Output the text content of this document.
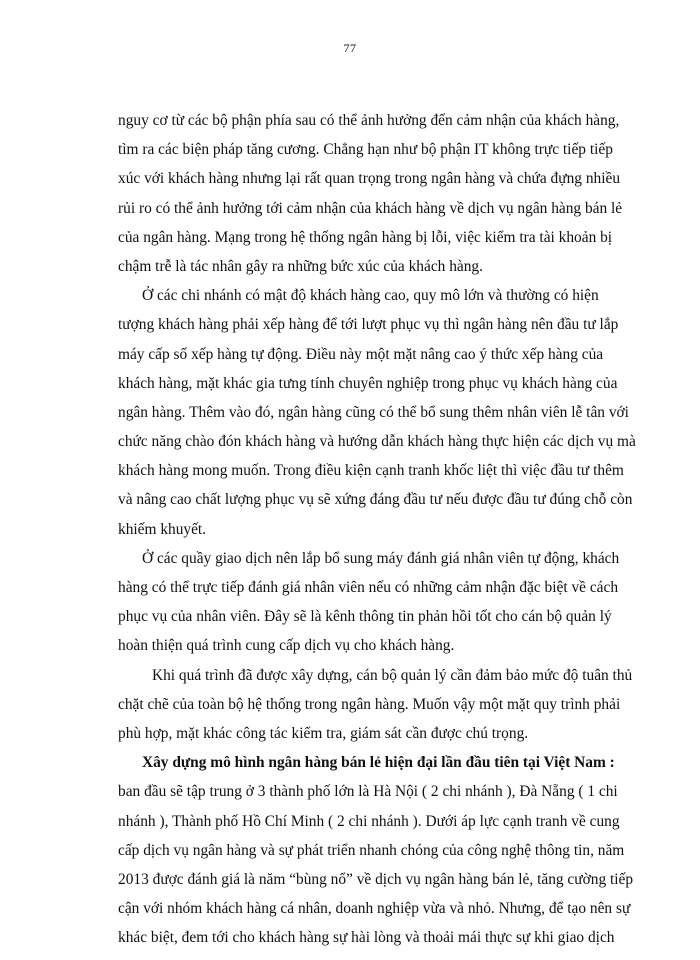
77
nguy cơ từ các bộ phận phía sau có thể ảnh hưởng đến cảm nhận của khách hàng,
tìm ra các biện pháp tăng cương. Chẳng hạn như bộ phận IT không trực tiếp tiếp
xúc với khách hàng nhưng lại rất quan trọng trong ngân hàng và chứa đựng nhiều
rủi ro có thể ảnh hưởng tới cảm nhận của khách hàng về dịch vụ ngân hàng bán lẻ
của ngân hàng. Mạng trong hệ thống ngân hàng bị lỗi, việc kiểm tra tài khoản bị
chậm trễ là tác nhân gây ra những bức xúc của khách hàng.
Ở các chi nhánh có mật độ khách hàng cao, quy mô lớn và thường có hiện
tượng khách hàng phải xếp hàng để tới lượt phục vụ thì ngân hàng nên đầu tư lắp
máy cấp số xếp hàng tự động. Điều này một mặt nâng cao ý thức xếp hàng của
khách hàng, mặt khác gia tưng tính chuyên nghiệp trong phục vụ khách hàng của
ngân hàng. Thêm vào đó, ngân hàng cũng có thể bổ sung thêm nhân viên lễ tân với
chức năng chào đón khách hàng và hướng dẫn khách hàng thực hiện các dịch vụ mà
khách hàng mong muốn. Trong điều kiện cạnh tranh khốc liệt thì việc đầu tư thêm
và nâng cao chất lượng phục vụ sẽ xứng đáng đầu tư nếu được đầu tư đúng chỗ còn
khiếm khuyết.
Ở các quầy giao dịch nên lắp bổ sung máy đánh giá nhân viên tự động, khách
hàng có thể trực tiếp đánh giá nhân viên nếu có những cảm nhận đặc biệt về cách
phục vụ của nhân viên. Đây sẽ là kênh thông tin phản hồi tốt cho cán bộ quản lý
hoàn thiện quá trình cung cấp dịch vụ cho khách hàng.
Khi quá trình đã được xây dựng, cán bộ quản lý cần đảm bảo mức độ tuân thủ
chặt chẽ của toàn bộ hệ thống trong ngân hàng. Muốn vậy một mặt quy trình phải
phù hợp, mặt khác công tác kiểm tra, giám sát cần được chú trọng.
Xây dựng mô hình ngân hàng bán lẻ hiện đại lần đầu tiên tại Việt Nam :
ban đầu sẽ tập trung ở 3 thành phố lớn là Hà Nội ( 2 chi nhánh ), Đà Nẵng ( 1 chi
nhánh ), Thành phố Hồ Chí Minh ( 2 chi nhánh ). Dưới áp lực cạnh tranh về cung
cấp dịch vụ ngân hàng và sự phát triển nhanh chóng của công nghệ thông tin, năm
2013 được đánh giá là năm “bùng nổ” về dịch vụ ngân hàng bán lẻ, tăng cường tiếp
cận với nhóm khách hàng cá nhân, doanh nghiệp vừa và nhỏ. Nhưng, để tạo nên sự
khác biệt, đem tới cho khách hàng sự hài lòng và thoải mái thực sự khi giao dịch
